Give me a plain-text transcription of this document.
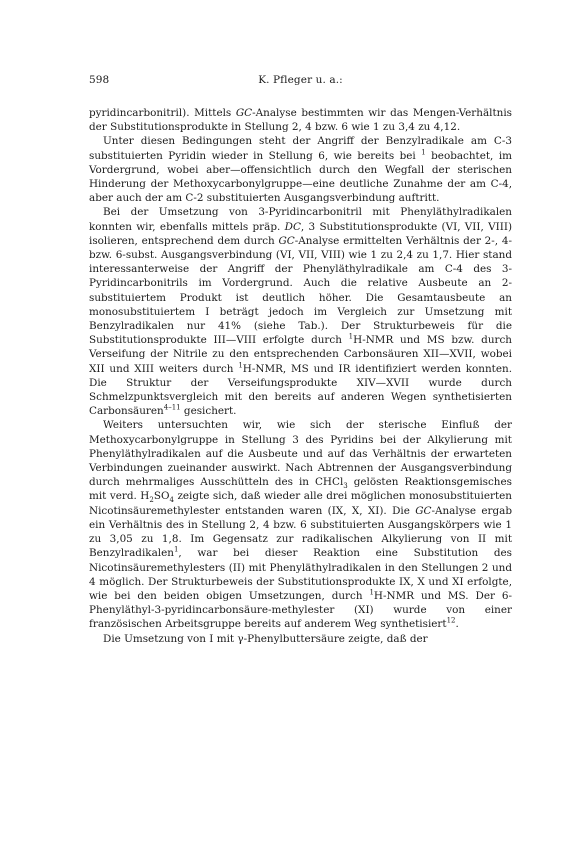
598	K. Pfleger u. a.:

pyridincarbonitril). Mittels GC-Analyse bestimmten wir das Mengen-Verhältnis der Substitutionsprodukte in Stellung 2, 4 bzw. 6 wie 1 zu 3,4 zu 4,12.

Unter diesen Bedingungen steht der Angriff der Benzylradikale am C-3 substituierten Pyridin wieder in Stellung 6, wie bereits bei $^1$ beobachtet, im Vordergrund, wobei aber—offensichtlich durch den Wegfall der sterischen Hinderung der Methoxycarbonylgruppe—eine deutliche Zunahme der am C-4, aber auch der am C-2 substituierten Ausgangsverbindung auftritt.

Bei der Umsetzung von 3-Pyridincarbonitril mit Phenyläthylradikalen konnten wir, ebenfalls mittels präp. DC, 3 Substitutionsprodukte (VI, VII, VIII) isolieren, entsprechend dem durch GC-Analyse ermittelten Verhältnis der 2-, 4- bzw. 6-subst. Ausgangsverbindung (VI, VII, VIII) wie 1 zu 2,4 zu 1,7. Hier stand interessanterweise der Angriff der Phenyläthylradikale am C-4 des 3-Pyridincarbonitrils im Vordergrund. Auch die relative Ausbeute an 2-substituiertem Produkt ist deutlich höher. Die Gesamtausbeute an monosubstituiertem I beträgt jedoch im Vergleich zur Umsetzung mit Benzylradikalen nur 41% (siehe Tab.). Der Strukturbeweis für die Substitutionsprodukte III—VIII erfolgte durch $^1$H-NMR und MS bzw. durch Verseifung der Nitrile zu den entsprechenden Carbonsäuren XII—XVII, wobei XII und XIII weiters durch $^1$H-NMR, MS und IR identifiziert werden konnten. Die Struktur der Verseifungsprodukte XIV—XVII wurde durch Schmelzpunktsvergleich mit den bereits auf anderen Wegen synthetisierten Carbonsäuren$^{4-11}$ gesichert.

Weiters untersuchten wir, wie sich der sterische Einfluß der Methoxycarbonylgruppe in Stellung 3 des Pyridins bei der Alkylierung mit Phenyläthylradikalen auf die Ausbeute und auf das Verhältnis der erwarteten Verbindungen zueinander auswirkt. Nach Abtrennen der Ausgangsverbindung durch mehrmaliges Ausschütteln des in CHCl$_3$ gelösten Reaktionsgemisches mit verd. $H_2SO_4$ zeigte sich, daß wieder alle drei möglichen monosubstituierten Nicotinsäuremethylester entstanden waren (IX, X, XI). Die GC-Analyse ergab ein Verhältnis des in Stellung 2, 4 bzw. 6 substituierten Ausgangskörpers wie 1 zu 3,05 zu 1,8. Im Gegensatz zur radikalischen Alkylierung von II mit Benzylradikalen$^1$, war bei dieser Reaktion eine Substitution des Nicotinsäuremethylesters (II) mit Phenyläthylradikalen in den Stellungen 2 und 4 möglich. Der Strukturbeweis der Substitutionsprodukte IX, X und XI erfolgte, wie bei den beiden obigen Umsetzungen, durch $^1$H-NMR und MS. Der 6-Phenyläthyl-3-pyridincarbonsäure-methylester (XI) wurde von einer französischen Arbeitsgruppe bereits auf anderem Weg synthetisiert$^{12}$.

Die Umsetzung von I mit γ-Phenylbuttersäure zeigte, daß der
